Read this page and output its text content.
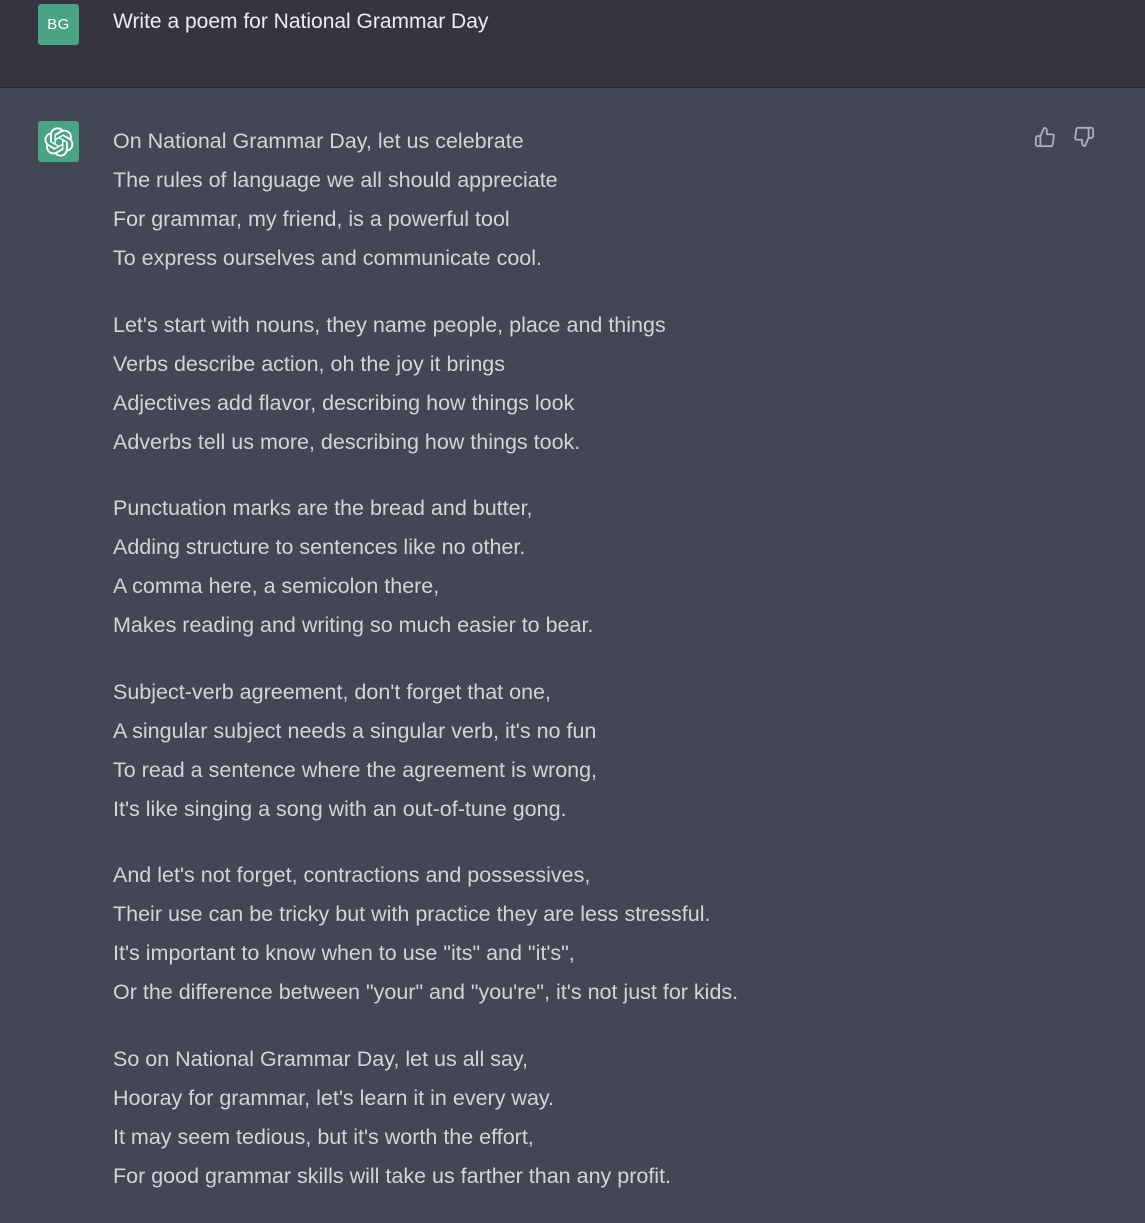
BG Write a poem for National Grammar Day
On National Grammar Day, let us celebrate
The rules of language we all should appreciate
For grammar, my friend, is a powerful tool
To express ourselves and communicate cool.
Let's start with nouns, they name people, place and things
Verbs describe action, oh the joy it brings
Adjectives add flavor, describing how things look
Adverbs tell us more, describing how things took.
Punctuation marks are the bread and butter,
Adding structure to sentences like no other.
A comma here, a semicolon there,
Makes reading and writing so much easier to bear.
Subject-verb agreement, don't forget that one,
A singular subject needs a singular verb, it's no fun
To read a sentence where the agreement is wrong,
It's like singing a song with an out-of-tune gong.
And let's not forget, contractions and possessives,
Their use can be tricky but with practice they are less stressful.
It's important to know when to use "its" and "it's",
Or the difference between "your" and "you're", it's not just for kids.
So on National Grammar Day, let us all say,
Hooray for grammar, let's learn it in every way.
It may seem tedious, but it's worth the effort,
For good grammar skills will take us farther than any profit.
